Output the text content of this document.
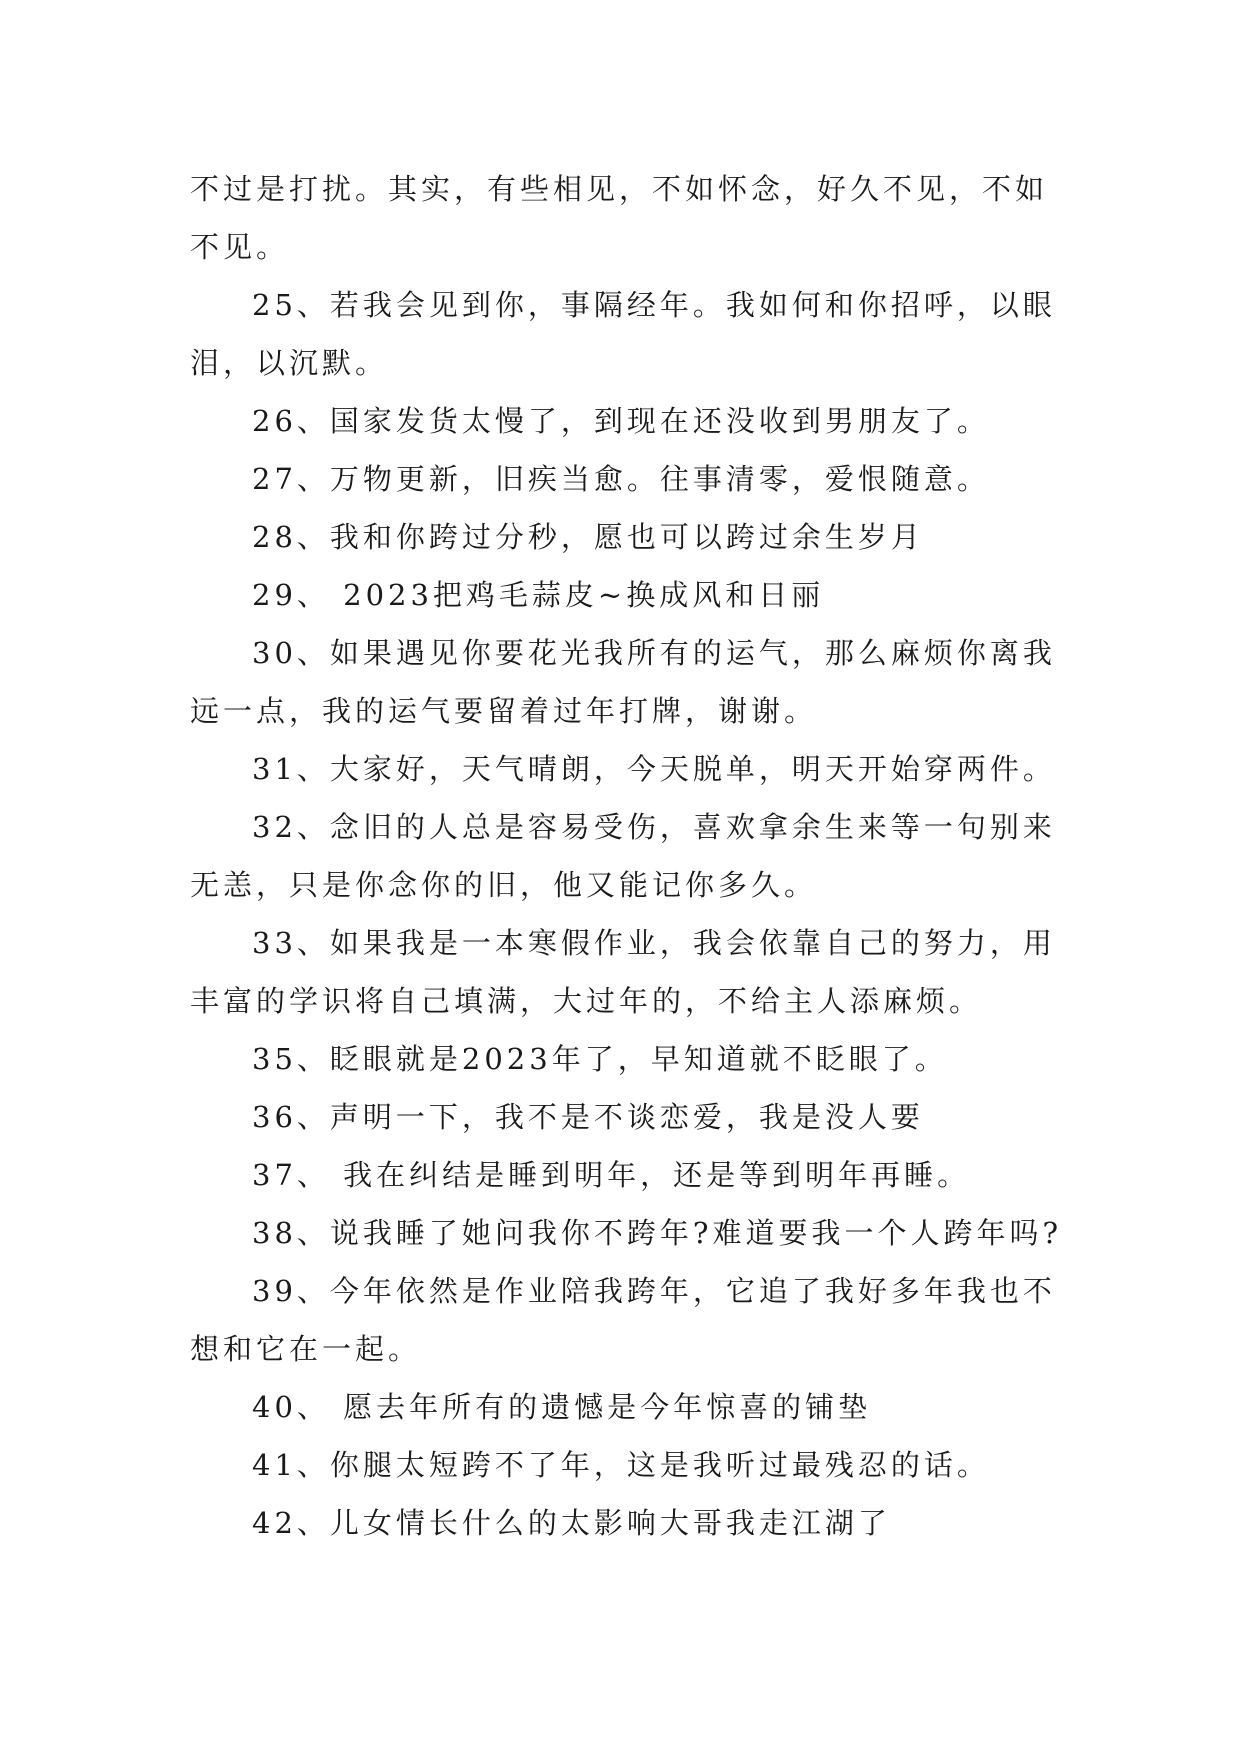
不过是打扰。其实，有些相见，不如怀念，好久不见，不如不见。

25、若我会见到你，事隔经年。我如何和你招呼，以眼泪，以沉默。

26、国家发货太慢了，到现在还没收到男朋友了。

27、万物更新，旧疾当愈。往事清零，爱恨随意。

28、我和你跨过分秒，愿也可以跨过余生岁月

29、 2023把鸡毛蒜皮~换成风和日丽

30、如果遇见你要花光我所有的运气，那么麻烦你离我远一点，我的运气要留着过年打牌，谢谢。

31、大家好，天气晴朗，今天脱单，明天开始穿两件。

32、念旧的人总是容易受伤，喜欢拿余生来等一句别来无恙，只是你念你的旧，他又能记你多久。

33、如果我是一本寒假作业，我会依靠自己的努力，用丰富的学识将自己填满，大过年的，不给主人添麻烦。

35、眨眼就是2023年了，早知道就不眨眼了。

36、声明一下，我不是不谈恋爱，我是没人要

37、 我在纠结是睡到明年，还是等到明年再睡。

38、说我睡了她问我你不跨年?难道要我一个人跨年吗?

39、今年依然是作业陪我跨年，它追了我好多年我也不想和它在一起。

40、 愿去年所有的遗憾是今年惊喜的铺垫

41、你腿太短跨不了年，这是我听过最残忍的话。

42、儿女情长什么的太影响大哥我走江湖了
